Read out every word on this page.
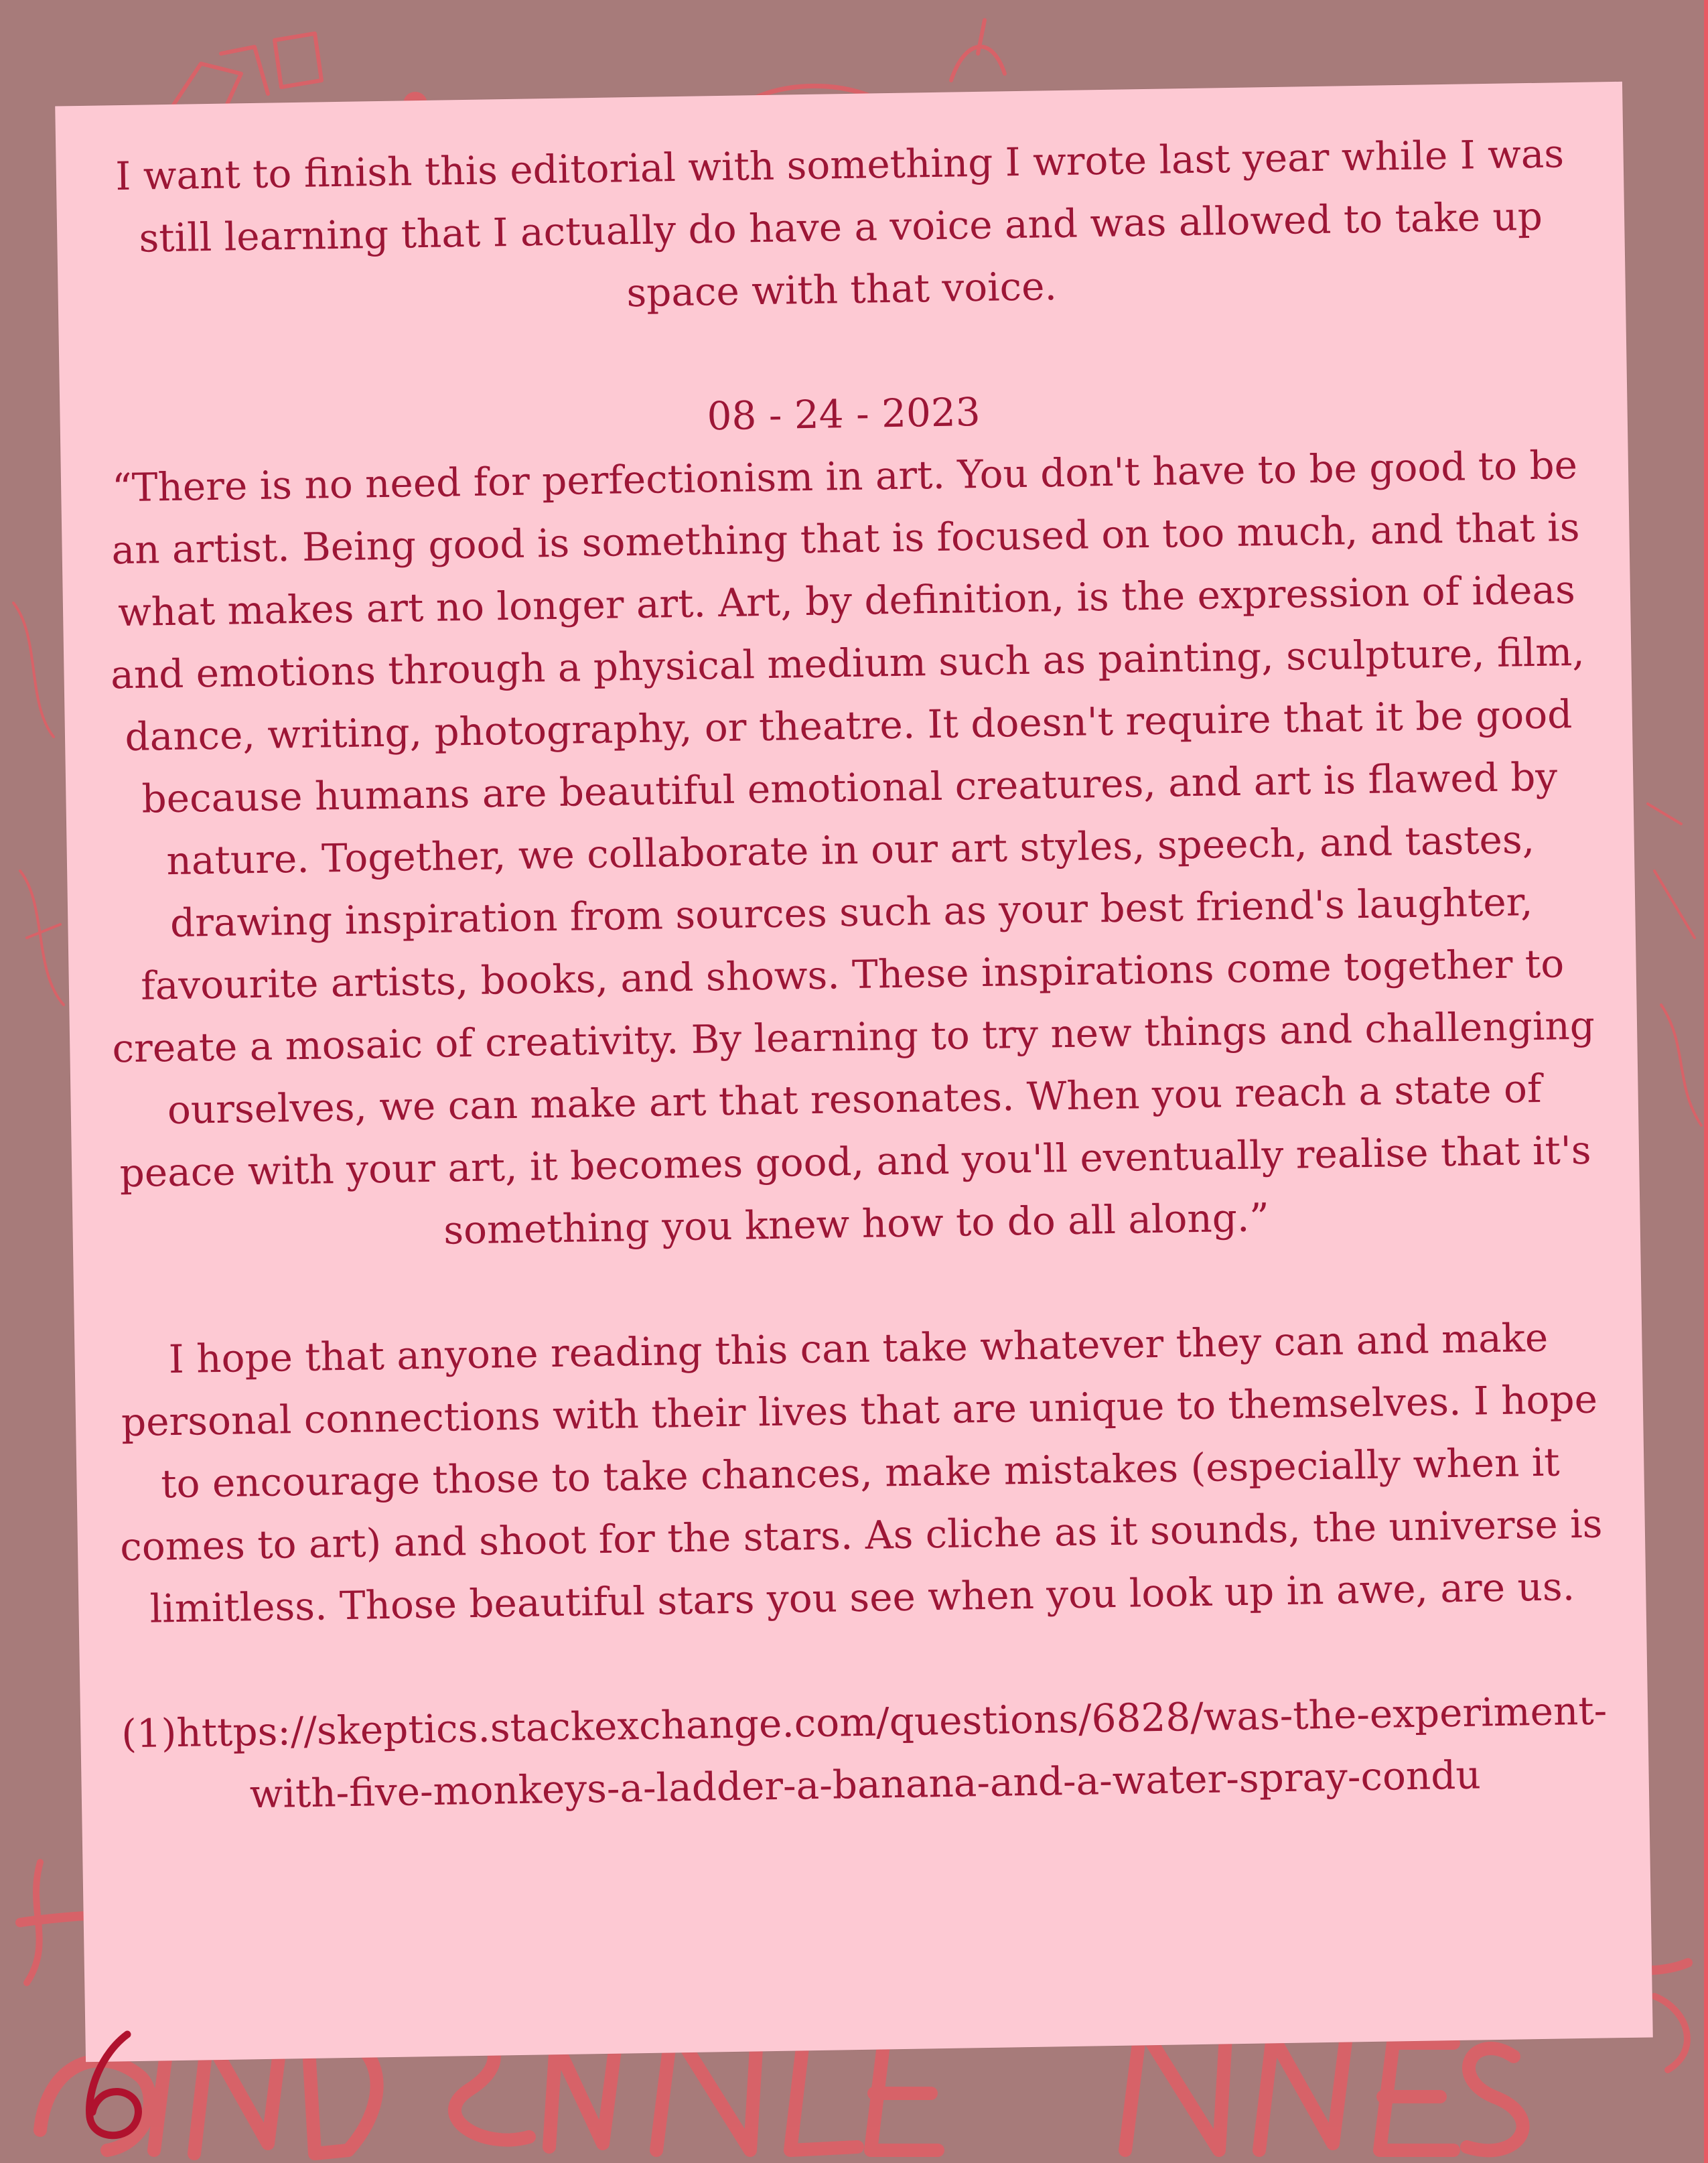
I want to finish this editorial with something I wrote last year while I was still learning that I actually do have a voice and was allowed to take up space with that voice.

08 - 24 - 2023

“There is no need for perfectionism in art. You don't have to be good to be an artist. Being good is something that is focused on too much, and that is what makes art no longer art. Art, by definition, is the expression of ideas and emotions through a physical medium such as painting, sculpture, film, dance, writing, photography, or theatre. It doesn't require that it be good because humans are beautiful emotional creatures, and art is flawed by nature. Together, we collaborate in our art styles, speech, and tastes, drawing inspiration from sources such as your best friend's laughter, favourite artists, books, and shows. These inspirations come together to create a mosaic of creativity. By learning to try new things and challenging ourselves, we can make art that resonates. When you reach a state of peace with your art, it becomes good, and you'll eventually realise that it's something you knew how to do all along.”

I hope that anyone reading this can take whatever they can and make personal connections with their lives that are unique to themselves. I hope to encourage those to take chances, make mistakes (especially when it comes to art) and shoot for the stars. As cliche as it sounds, the universe is limitless. Those beautiful stars you see when you look up in awe, are us.

(1)https://skeptics.stackexchange.com/questions/6828/was-the-experiment-with-five-monkeys-a-ladder-a-banana-and-a-water-spray-condu
